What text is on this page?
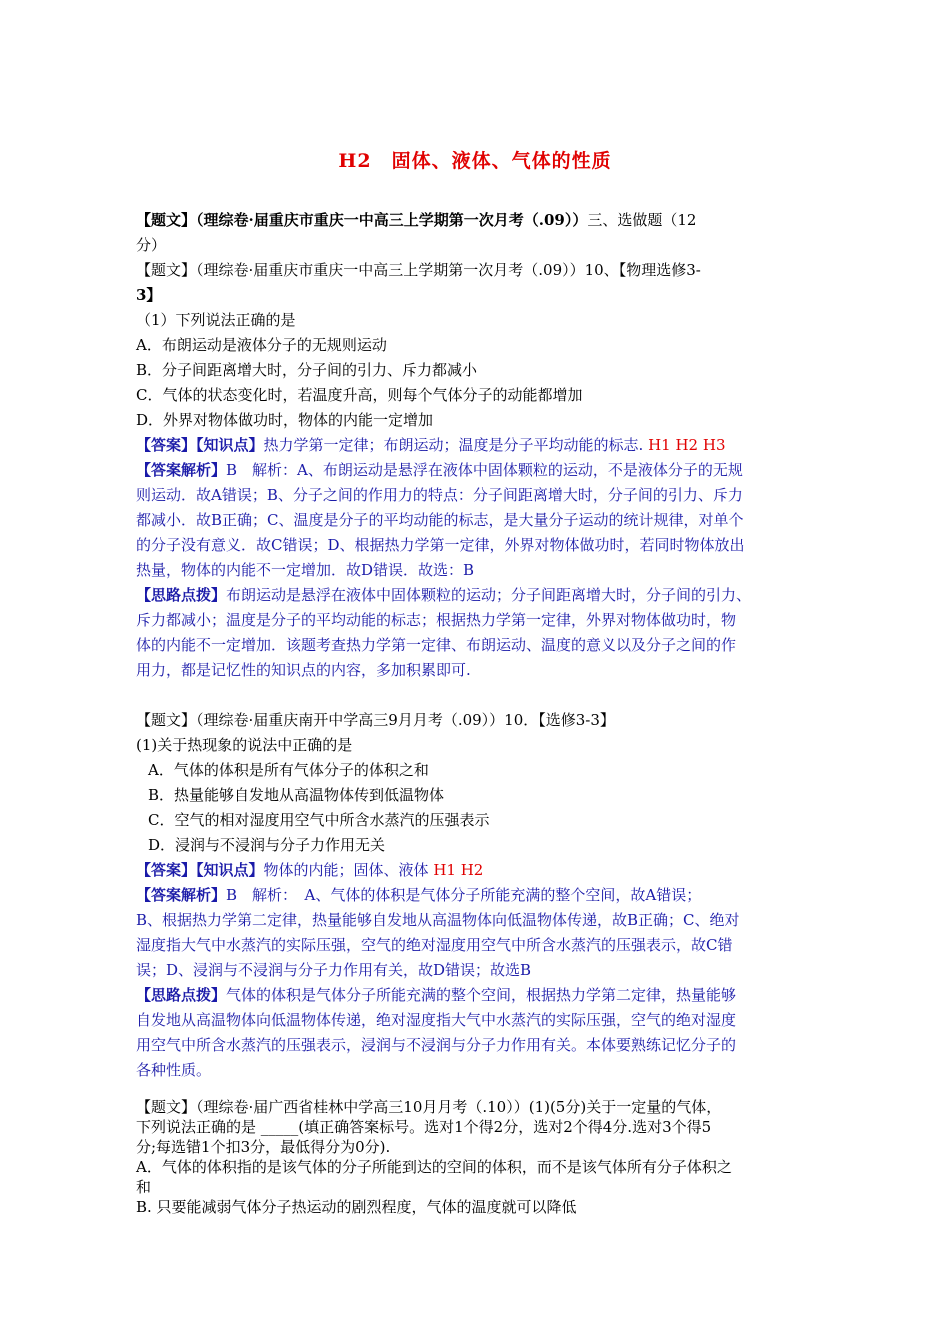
H2　固体、液体、气体的性质
【题文】（理综卷·届重庆市重庆一中高三上学期第一次月考（.09））三、选做题（12
分）
【题文】（理综卷·届重庆市重庆一中高三上学期第一次月考（.09））10、【物理选修3-
3】
（1）下列说法正确的是
A．布朗运动是液体分子的无规则运动
B．分子间距离增大时，分子间的引力、斥力都减小
C．气体的状态变化时，若温度升高，则每个气体分子的动能都增加
D．外界对物体做功时，物体的内能一定增加
【答案】【知识点】热力学第一定律；布朗运动；温度是分子平均动能的标志. H1 H2 H3
【答案解析】B　解析：A、布朗运动是悬浮在液体中固体颗粒的运动，不是液体分子的无规
则运动．故A错误；B、分子之间的作用力的特点：分子间距离增大时，分子间的引力、斥力
都减小．故B正确；C、温度是分子的平均动能的标志，是大量分子运动的统计规律，对单个
的分子没有意义．故C错误；D、根据热力学第一定律，外界对物体做功时，若同时物体放出
热量，物体的内能不一定增加．故D错误．故选：B
【思路点拨】布朗运动是悬浮在液体中固体颗粒的运动；分子间距离增大时，分子间的引力、
斥力都减小；温度是分子的平均动能的标志；根据热力学第一定律，外界对物体做功时，物
体的内能不一定增加．该题考查热力学第一定律、布朗运动、温度的意义以及分子之间的作
用力，都是记忆性的知识点的内容，多加积累即可.
【题文】（理综卷·届重庆南开中学高三9月月考（.09））10．【选修3-3】
(1)关于热现象的说法中正确的是
A．气体的体积是所有气体分子的体积之和
B．热量能够自发地从高温物体传到低温物体
C．空气的相对湿度用空气中所含水蒸汽的压强表示
D．浸润与不浸润与分子力作用无关
【答案】【知识点】物体的内能；固体、液体 H1 H2
【答案解析】B　解析：　A、气体的体积是气体分子所能充满的整个空间，故A错误；
B、根据热力学第二定律，热量能够自发地从高温物体向低温物体传递，故B正确；C、绝对
湿度指大气中水蒸汽的实际压强，空气的绝对湿度用空气中所含水蒸汽的压强表示，故C错
误；D、浸润与不浸润与分子力作用有关，故D错误；故选B
【思路点拨】气体的体积是气体分子所能充满的整个空间，根据热力学第二定律，热量能够
自发地从高温物体向低温物体传递，绝对湿度指大气中水蒸汽的实际压强，空气的绝对湿度
用空气中所含水蒸汽的压强表示，浸润与不浸润与分子力作用有关。本体要熟练记忆分子的
各种性质。
【题文】（理综卷·届广西省桂林中学高三10月月考（.10））(1)(5分)关于一定量的气体，
下列说法正确的是 _____(填正确答案标号。选对1个得2分，选对2个得4分.选对3个得5
分;每选错1个扣3分，最低得分为0分).
A．气体的体积指的是该气体的分子所能到达的空间的体积，而不是该气体所有分子体积之
和
B. 只要能减弱气体分子热运动的剧烈程度，气体的温度就可以降低
